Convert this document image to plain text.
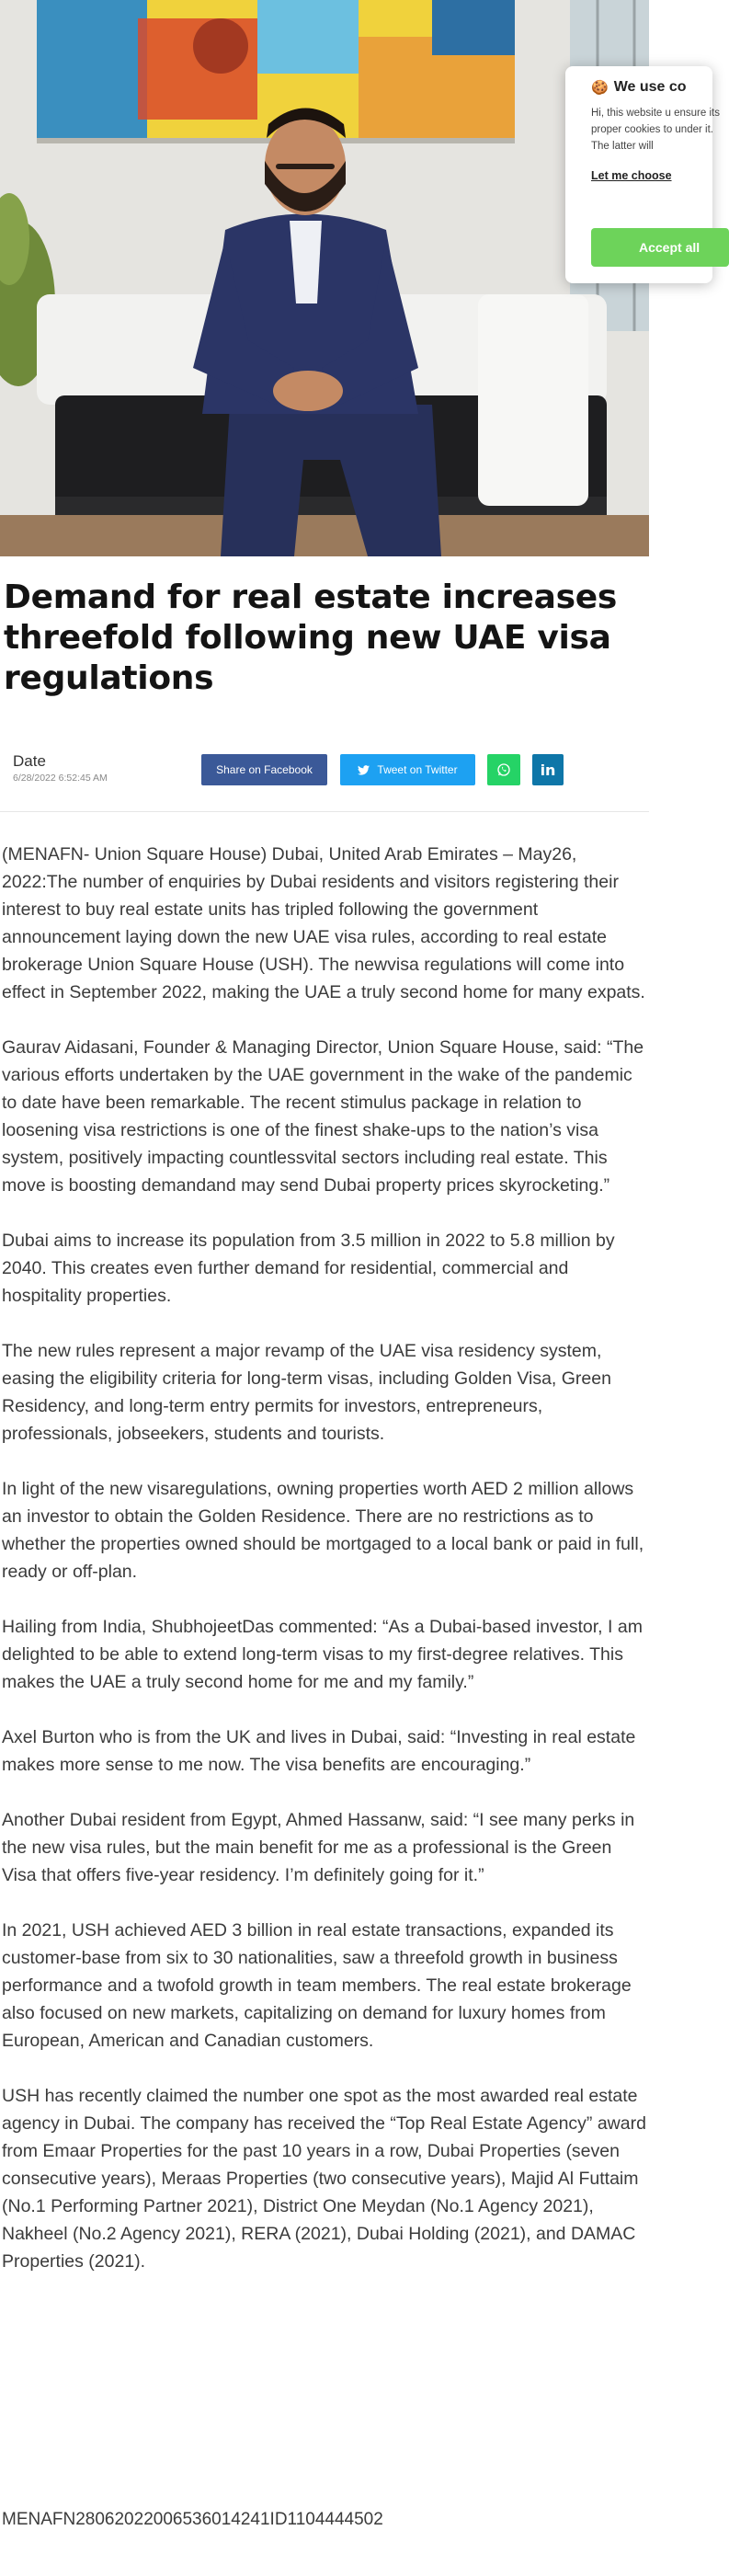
🍪 We use co
Hi, this website u ensure its proper cookies to under it. The latter will
Let me choose
Accept all
Demand for real estate increases threefold following new UAE visa regulations
Date
6/28/2022 6:52:45 AM
Share on Facebook	Tweet on Twitter	in

(MENAFN- Union Square House) Dubai, United Arab Emirates – May26, 2022:The number of enquiries by Dubai residents and visitors registering their interest to buy real estate units has tripled following the government announcement laying down the new UAE visa rules, according to real estate brokerage Union Square House (USH). The newvisa regulations will come into effect in September 2022, making the UAE a truly second home for many expats.

Gaurav Aidasani, Founder & Managing Director, Union Square House, said: “The various efforts undertaken by the UAE government in the wake of the pandemic to date have been remarkable. The recent stimulus package in relation to loosening visa restrictions is one of the finest shake-ups to the nation’s visa system, positively impacting countlessvital sectors including real estate. This move is boosting demandand may send Dubai property prices skyrocketing.”

Dubai aims to increase its population from 3.5 million in 2022 to 5.8 million by 2040. This creates even further demand for residential, commercial and hospitality properties.

The new rules represent a major revamp of the UAE visa residency system, easing the eligibility criteria for long-term visas, including Golden Visa, Green Residency, and long-term entry permits for investors, entrepreneurs, professionals, jobseekers, students and tourists.

In light of the new visaregulations, owning properties worth AED 2 million allows an investor to obtain the Golden Residence. There are no restrictions as to whether the properties owned should be mortgaged to a local bank or paid in full, ready or off-plan.

Hailing from India, ShubhojeetDas commented: “As a Dubai-based investor, I am delighted to be able to extend long-term visas to my first-degree relatives. This makes the UAE a truly second home for me and my family.”

Axel Burton who is from the UK and lives in Dubai, said: “Investing in real estate makes more sense to me now. The visa benefits are encouraging.”

Another Dubai resident from Egypt, Ahmed Hassanw, said: “I see many perks in the new visa rules, but the main benefit for me as a professional is the Green Visa that offers five-year residency. I’m definitely going for it.”

In 2021, USH achieved AED 3 billion in real estate transactions, expanded its customer-base from six to 30 nationalities, saw a threefold growth in business performance and a twofold growth in team members. The real estate brokerage also focused on new markets, capitalizing on demand for luxury homes from European, American and Canadian customers.

USH has recently claimed the number one spot as the most awarded real estate agency in Dubai. The company has received the “Top Real Estate Agency” award from Emaar Properties for the past 10 years in a row, Dubai Properties (seven consecutive years), Meraas Properties (two consecutive years), Majid Al Futtaim (No.1 Performing Partner 2021), District One Meydan (No.1 Agency 2021), Nakheel (No.2 Agency 2021), RERA (2021), Dubai Holding (2021), and DAMAC Properties (2021).

MENAFN2806202200653601424​1ID1104444502
